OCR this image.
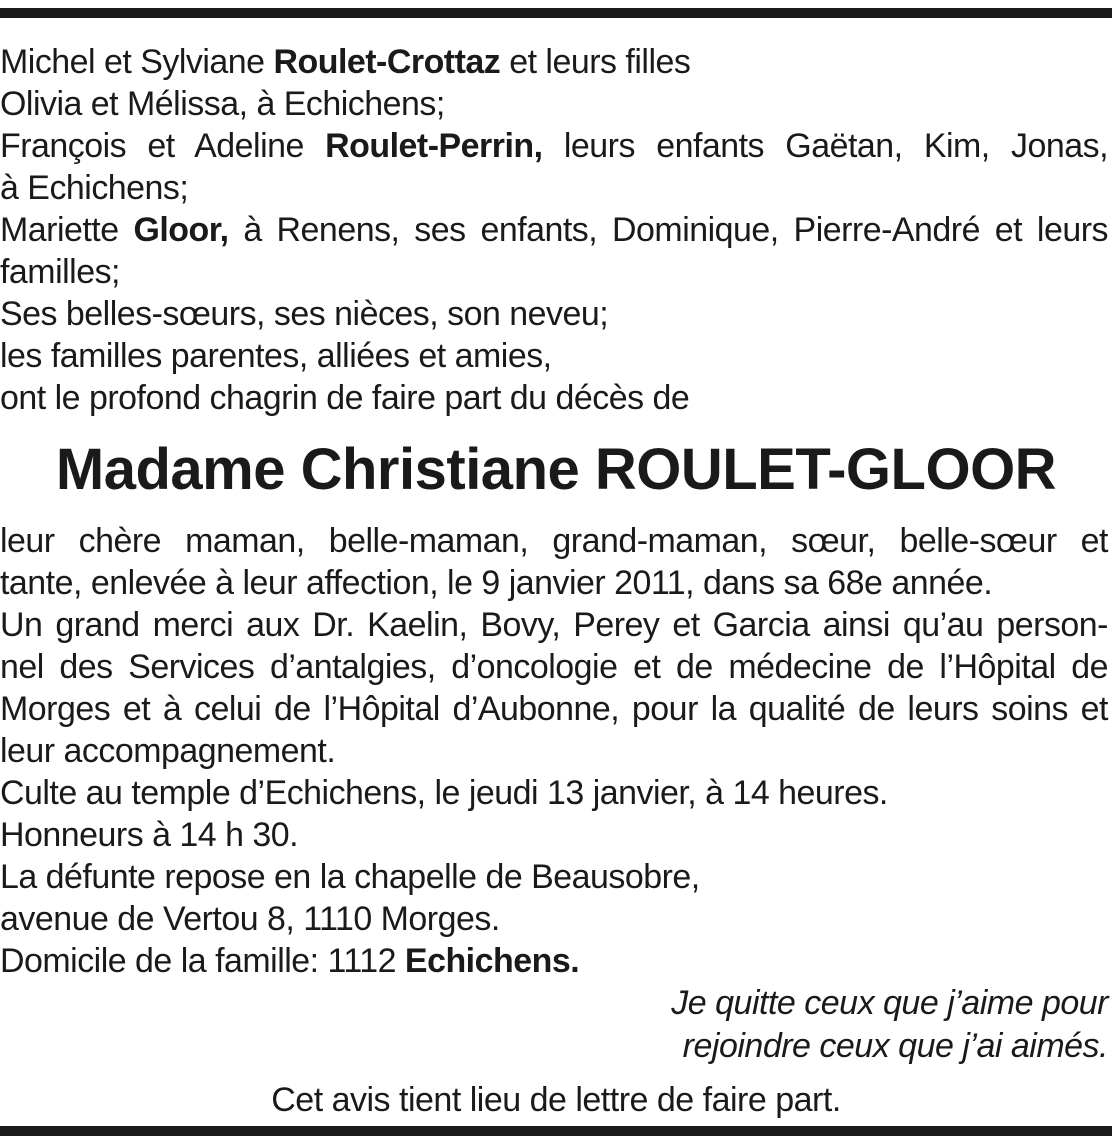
Michel et Sylviane Roulet-Crottaz et leurs filles
Olivia et Mélissa, à Echichens;
François et Adeline Roulet-Perrin, leurs enfants Gaëtan, Kim, Jonas,
à Echichens;
Mariette Gloor, à Renens, ses enfants, Dominique, Pierre-André et leurs
familles;
Ses belles-sœurs, ses nièces, son neveu;
les familles parentes, alliées et amies,
ont le profond chagrin de faire part du décès de
Madame Christiane ROULET-GLOOR
leur chère maman, belle-maman, grand-maman, sœur, belle-sœur et
tante, enlevée à leur affection, le 9 janvier 2011, dans sa 68e année.
Un grand merci aux Dr. Kaelin, Bovy, Perey et Garcia ainsi qu’au person-
nel des Services d’antalgies, d’oncologie et de médecine de l’Hôpital de
Morges et à celui de l’Hôpital d’Aubonne, pour la qualité de leurs soins et
leur accompagnement.
Culte au temple d’Echichens, le jeudi 13 janvier, à 14 heures.
Honneurs à 14 h 30.
La défunte repose en la chapelle de Beausobre,
avenue de Vertou 8, 1110 Morges.
Domicile de la famille: 1112 Echichens.
Je quitte ceux que j’aime pour
rejoindre ceux que j’ai aimés.
Cet avis tient lieu de lettre de faire part.
